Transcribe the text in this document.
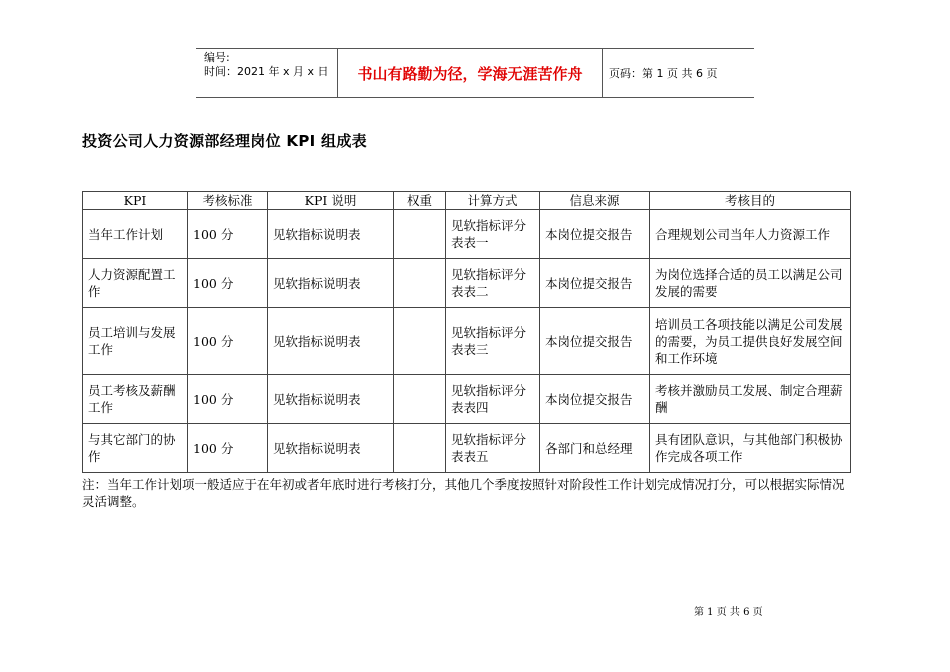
编号:
时间：2021 年 x 月 x 日	书山有路勤为径，学海无涯苦作舟	页码：第 1 页 共 6 页
投资公司人力资源部经理岗位 KPI 组成表
KPI	考核标准	KPI 说明	权重	计算方式	信息来源	考核目的
当年工作计划	100 分	见软指标说明表		见软指标评分表表一	本岗位提交报告	合理规划公司当年人力资源工作
人力资源配置工作	100 分	见软指标说明表		见软指标评分表表二	本岗位提交报告	为岗位选择合适的员工以满足公司发展的需要
员工培训与发展工作	100 分	见软指标说明表		见软指标评分表表三	本岗位提交报告	培训员工各项技能以满足公司发展的需要，为员工提供良好发展空间和工作环境
员工考核及薪酬工作	100 分	见软指标说明表		见软指标评分表表四	本岗位提交报告	考核并激励员工发展、制定合理薪酬
与其它部门的协作	100 分	见软指标说明表		见软指标评分表表五	各部门和总经理	具有团队意识，与其他部门积极协作完成各项工作
注：当年工作计划项一般适应于在年初或者年底时进行考核打分，其他几个季度按照针对阶段性工作计划完成情况打分，可以根据实际情况灵活调整。
第 1 页 共 6 页
